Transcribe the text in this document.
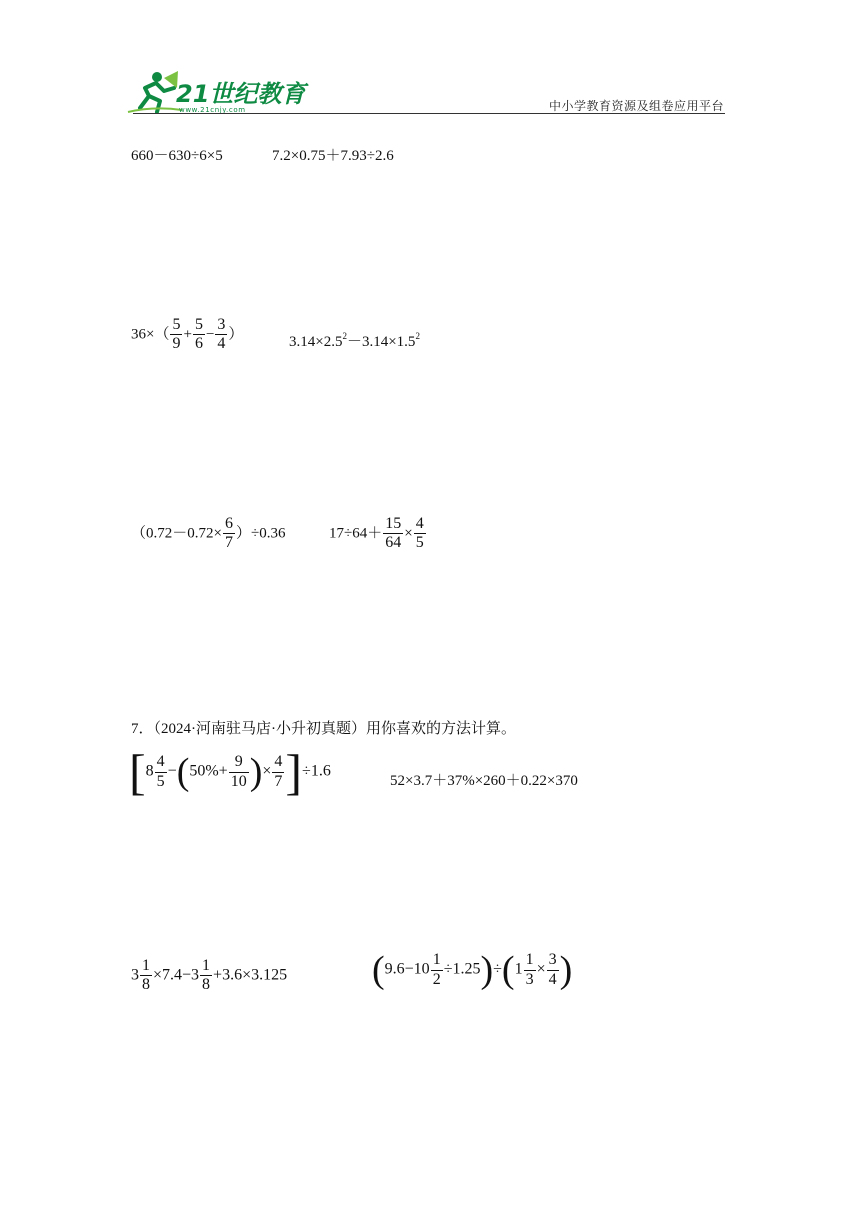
21世纪教育
www.21cnjy.com	中小学教育资源及组卷应用平台
660－630÷6×5	7.2×0.75＋7.93÷2.6
$36\times( \frac{5}{9} + \frac{5}{6} - \frac{3}{4}$ ）	$3.14\times 2.5^2-3.14\times 1.5^2$
$(0.72-0.72\times \frac{6}{7} )\div 0.36$	$17\div 64+ \frac{15}{64} \times \frac{4}{5}$
7．（2024·河南驻马店·小升初真题）用你喜欢的方法计算。
[$8 \frac{4}{5} -(50\%+ \frac{9}{10}$ )× $\frac{4}{7} ]\div 1.6$
52×3.7＋37%×260＋0.22×370
$3 \frac{1}{8} \times 7.4-3 \frac{1}{8} +3.6\times 3.125$ $(9.6-10 \frac{1}{2} \div 1.25)\div(1 \frac{1}{3} \times \frac{3}{4}$ )
